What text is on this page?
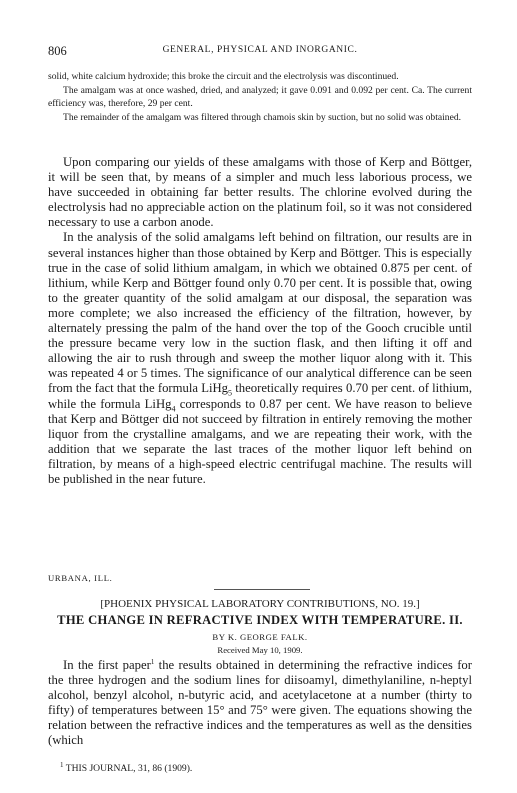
806	GENERAL, PHYSICAL AND INORGANIC.

solid, white calcium hydroxide; this broke the circuit and the electrolysis was discontinued.

The amalgam was at once washed, dried, and analyzed; it gave 0.091 and 0.092 per cent. Ca. The current efficiency was, therefore, 29 per cent.

The remainder of the amalgam was filtered through chamois skin by suction, but no solid was obtained.

Upon comparing our yields of these amalgams with those of Kerp and Böttger, it will be seen that, by means of a simpler and much less laborious process, we have succeeded in obtaining far better results. The chlorine evolved during the electrolysis had no appreciable action on the platinum foil, so it was not considered necessary to use a carbon anode.

In the analysis of the solid amalgams left behind on filtration, our results are in several instances higher than those obtained by Kerp and Böttger. This is especially true in the case of solid lithium amalgam, in which we obtained 0.875 per cent. of lithium, while Kerp and Böttger found only 0.70 per cent. It is possible that, owing to the greater quantity of the solid amalgam at our disposal, the separation was more complete; we also increased the efficiency of the filtration, however, by alternately pressing the palm of the hand over the top of the Gooch crucible until the pressure became very low in the suction flask, and then lifting it off and allowing the air to rush through and sweep the mother liquor along with it. This was repeated 4 or 5 times. The significance of our analytical difference can be seen from the fact that the formula LiHg$_5$ theoretically requires 0.70 per cent. of lithium, while the formula LiHg$_4$ corresponds to 0.87 per cent. We have reason to believe that Kerp and Böttger did not succeed by filtration in entirely removing the mother liquor from the crystalline amalgams, and we are repeating their work, with the addition that we separate the last traces of the mother liquor left behind on filtration, by means of a high-speed electric centrifugal machine. The results will be published in the near future.

URBANA, ILL.
[PHOENIX PHYSICAL LABORATORY CONTRIBUTIONS, NO. 19.]
THE CHANGE IN REFRACTIVE INDEX WITH TEMPERATURE. II.
BY K. GEORGE FALK.
Received May 10, 1909.

In the first paper$^1$ the results obtained in determining the refractive indices for the three hydrogen and the sodium lines for diisoamyl, dimethylaniline, n-heptyl alcohol, benzyl alcohol, n-butyric acid, and acetylacetone at a number (thirty to fifty) of temperatures between 15° and 75° were given. The equations showing the relation between the refractive indices and the temperatures as well as the densities (which

$^1$ THIS JOURNAL, 31, 86 (1909).
